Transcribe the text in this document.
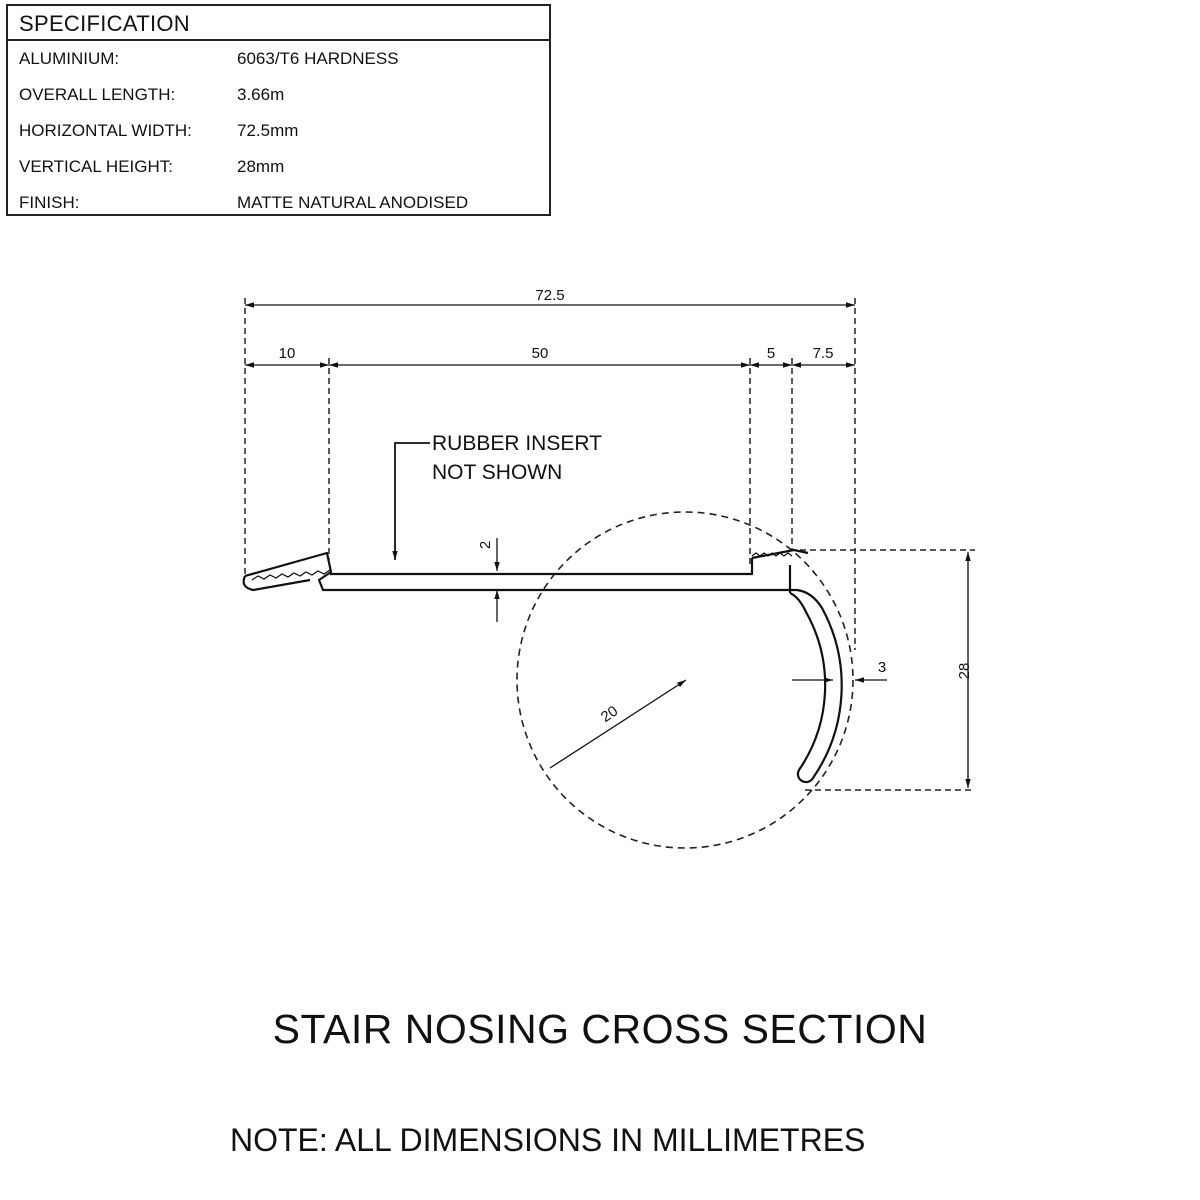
SPECIFICATION
ALUMINIUM:	6063/T6 HARDNESS
OVERALL LENGTH:	3.66m
HORIZONTAL WIDTH:	72.5mm
VERTICAL HEIGHT:	28mm
FINISH:	MATTE NATURAL ANODISED
72.5
10	50	5 7.5
2
3
20
28
RUBBER INSERT
NOT SHOWN
STAIR NOSING CROSS SECTION
NOTE: ALL DIMENSIONS IN MILLIMETRES
